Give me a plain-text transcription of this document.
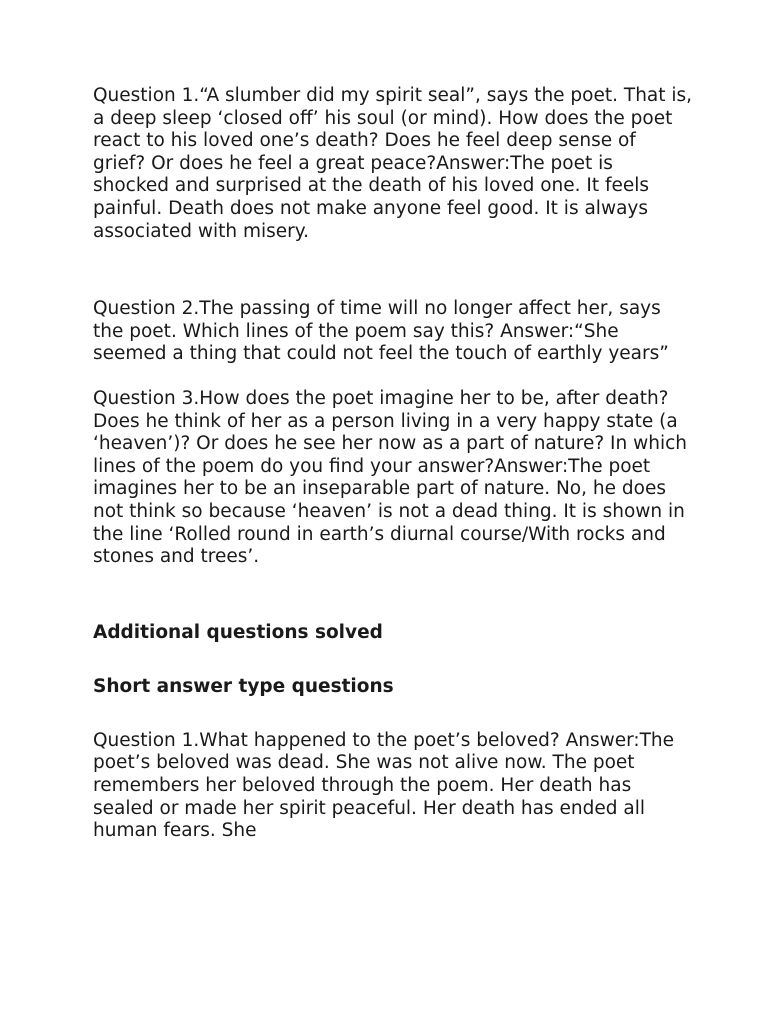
Question 1.“A slumber did my spirit seal”, says the poet. That is, a deep sleep ‘closed off’ his soul (or mind). How does the poet react to his loved one’s death? Does he feel deep sense of grief? Or does he feel a great peace?Answer:The poet is shocked and surprised at the death of his loved one. It feels painful. Death does not make anyone feel good. It is always associated with misery.

Question 2.The passing of time will no longer affect her, says the poet. Which lines of the poem say this? Answer:“She seemed a thing that could not feel the touch of earthly years”

Question 3.How does the poet imagine her to be, after death? Does he think of her as a person living in a very happy state (a ‘heaven’)? Or does he see her now as a part of nature? In which lines of the poem do you find your answer?Answer:The poet imagines her to be an inseparable part of nature. No, he does not think so because ‘heaven’ is not a dead thing. It is shown in the line ‘Rolled round in earth’s diurnal course/With rocks and stones and trees’.

Additional questions solved

Short answer type questions

Question 1.What happened to the poet’s beloved? Answer:The poet’s beloved was dead. She was not alive now. The poet remembers her beloved through the poem. Her death has sealed or made her spirit peaceful. Her death has ended all human fears. She
